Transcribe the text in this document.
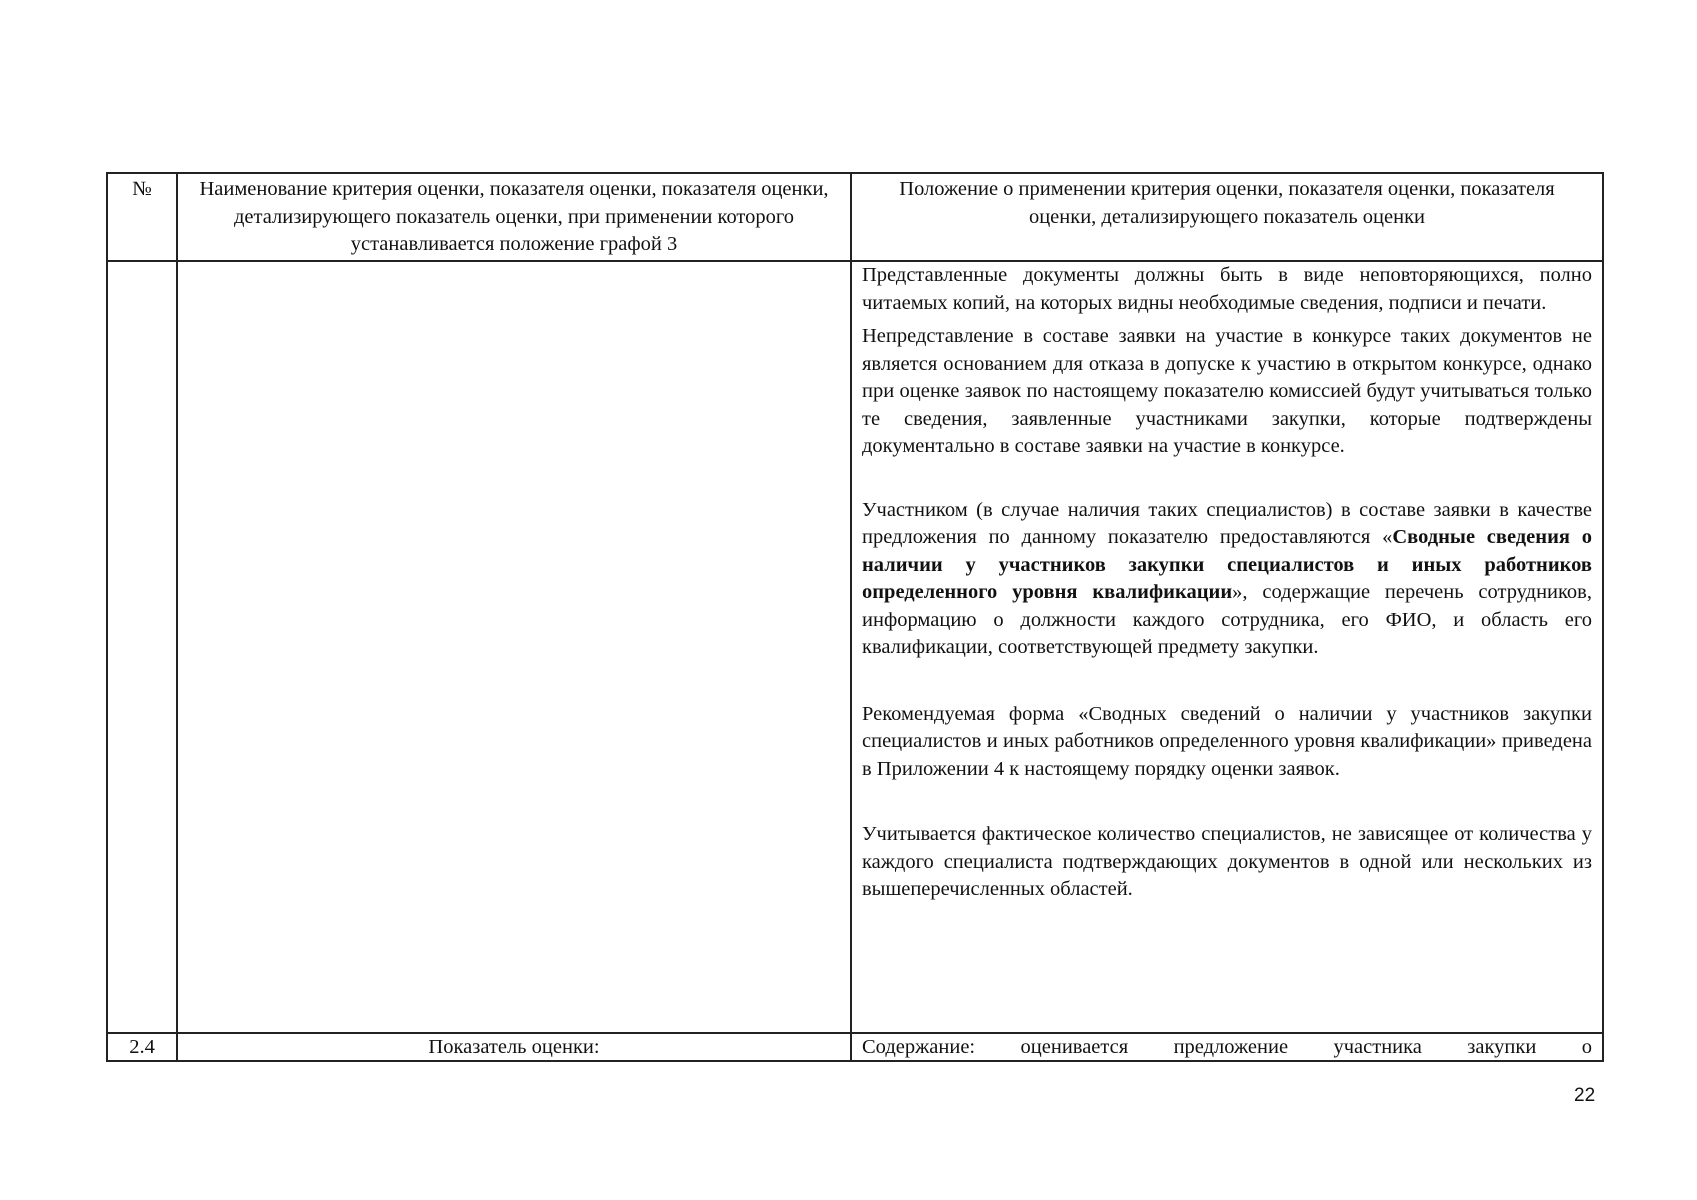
№	Наименование критерия оценки, показателя оценки, показателя оценки, детализирующего показатель оценки, при применении которого устанавливается положение графой 3	Положение о применении критерия оценки, показателя оценки, показателя оценки, детализирующего показатель оценки

		Представленные документы должны быть в виде неповторяющихся, полно читаемых копий, на которых видны необходимые сведения, подписи и печати.

Непредставление в составе заявки на участие в конкурсе таких документов не является основанием для отказа в допуске к участию в открытом конкурсе, однако при оценке заявок по настоящему показателю комиссией будут учитываться только те сведения, заявленные участниками закупки, которые подтверждены документально в составе заявки на участие в конкурсе.

Участником (в случае наличия таких специалистов) в составе заявки в качестве предложения по данному показателю предоставляются «Сводные сведения о наличии у участников закупки специалистов и иных работников определенного уровня квалификации», содержащие перечень сотрудников, информацию о должности каждого сотрудника, его ФИО, и область его квалификации, соответствующей предмету закупки.

Рекомендуемая форма «Сводных сведений о наличии у участников закупки специалистов и иных работников определенного уровня квалификации» приведена в Приложении 4 к настоящему порядку оценки заявок.

Учитывается фактическое количество специалистов, не зависящее от количества у каждого специалиста подтверждающих документов в одной или нескольких из вышеперечисленных областей.

2.4	Показатель оценки:	Содержание: оценивается предложение участника закупки о
22
